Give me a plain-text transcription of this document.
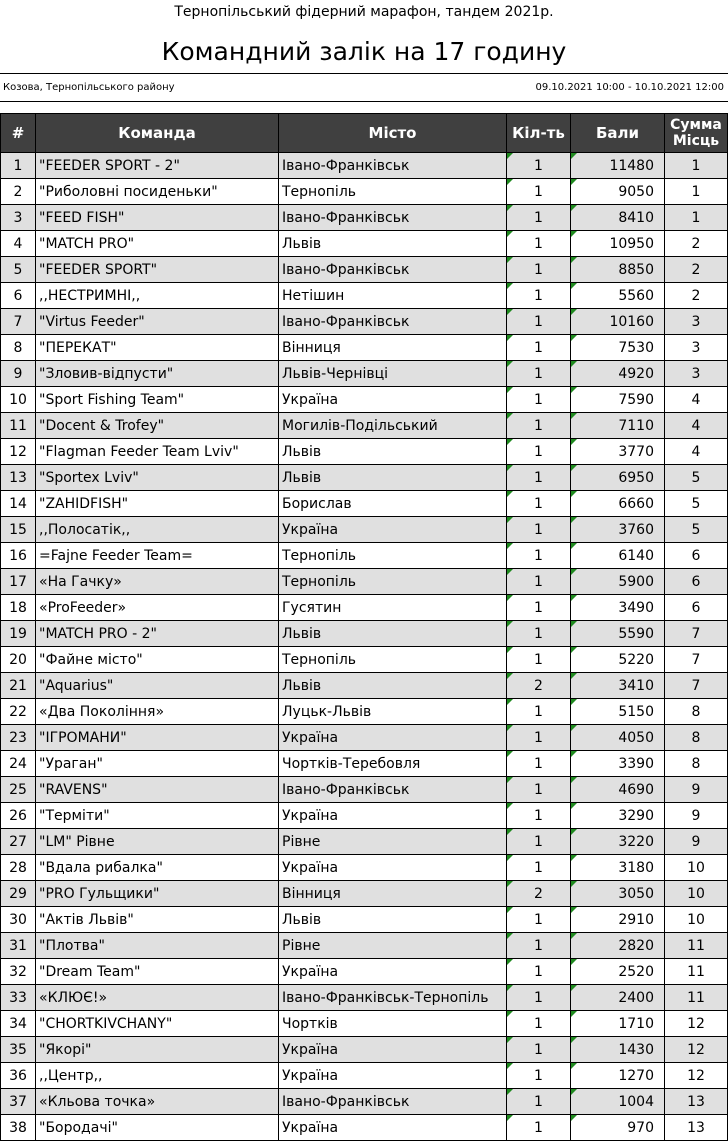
Тернопільський фідерний марафон, тандем 2021р.
Командний залік на 17 годину
Козова, Тернопільського району	09.10.2021 10:00 - 10.10.2021 12:00
#	Команда	Місто	Кіл-ть	Бали	Сумма
Місць
1	"FEEDER SPORT - 2"	Івано-Франківськ	1	11480	1
2	"Риболовні посиденьки"	Тернопіль	1	9050	1
3	"FEED FISH"	Івано-Франківськ	1	8410	1
4	"MATCH PRO"	Львів	1	10950	2
5	"FEEDER SPORT"	Івано-Франківськ	1	8850	2
6	,,НЕСТРИМНІ,,	Нетішин	1	5560	2
7	"Virtus Feeder"	Івано-Франківськ	1	10160	3
8	"ПЕРЕКАТ"	Вінниця	1	7530	3
9	"Зловив-відпусти"	Львів-Чернівці	1	4920	3
10	"Sport Fishing Team"	Україна	1	7590	4
11	"Docent & Trofey"	Могилів-Подільський	1	7110	4
12	"Flagman Feeder Team Lviv"	Львів	1	3770	4
13	"Sportex Lviv"	Львів	1	6950	5
14	"ZAHIDFISH"	Борислав	1	6660	5
15	,,Полосатік,,	Україна	1	3760	5
16	=Fajne Feeder Team=	Тернопіль	1	6140	6
17	«На Гачку»	Тернопіль	1	5900	6
18	«ProFeeder»	Гусятин	1	3490	6
19	"MATCH PRO - 2"	Львів	1	5590	7
20	"Файне місто"	Тернопіль	1	5220	7
21	"Aquarius"	Львів	2	3410	7
22	«Два Покоління»	Луцьк-Львів	1	5150	8
23	"ІГРОМАНИ"	Україна	1	4050	8
24	"Ураган"	Чортків-Теребовля	1	3390	8
25	"RAVENS"	Івано-Франківськ	1	4690	9
26	"Терміти"	Україна	1	3290	9
27	"LM" Рівне	Рівне	1	3220	9
28	"Вдала рибалка"	Україна	1	3180	10
29	"PRO Гульщики"	Вінниця	2	3050	10
30	"Актів Львів"	Львів	1	2910	10
31	"Плотва"	Рівне	1	2820	11
32	"Dream Team"	Україна	1	2520	11
33	«КЛЮЄ!»	Івано-Франківськ-Тернопіль	1	2400	11
34	"CHORTKIVCHANY"	Чортків	1	1710	12
35	"Якорі"	Україна	1	1430	12
36	,,Центр,,	Україна	1	1270	12
37	«Кльова точка»	Івано-Франківськ	1	1004	13
38	"Бородачі"	Україна	1	970	13
